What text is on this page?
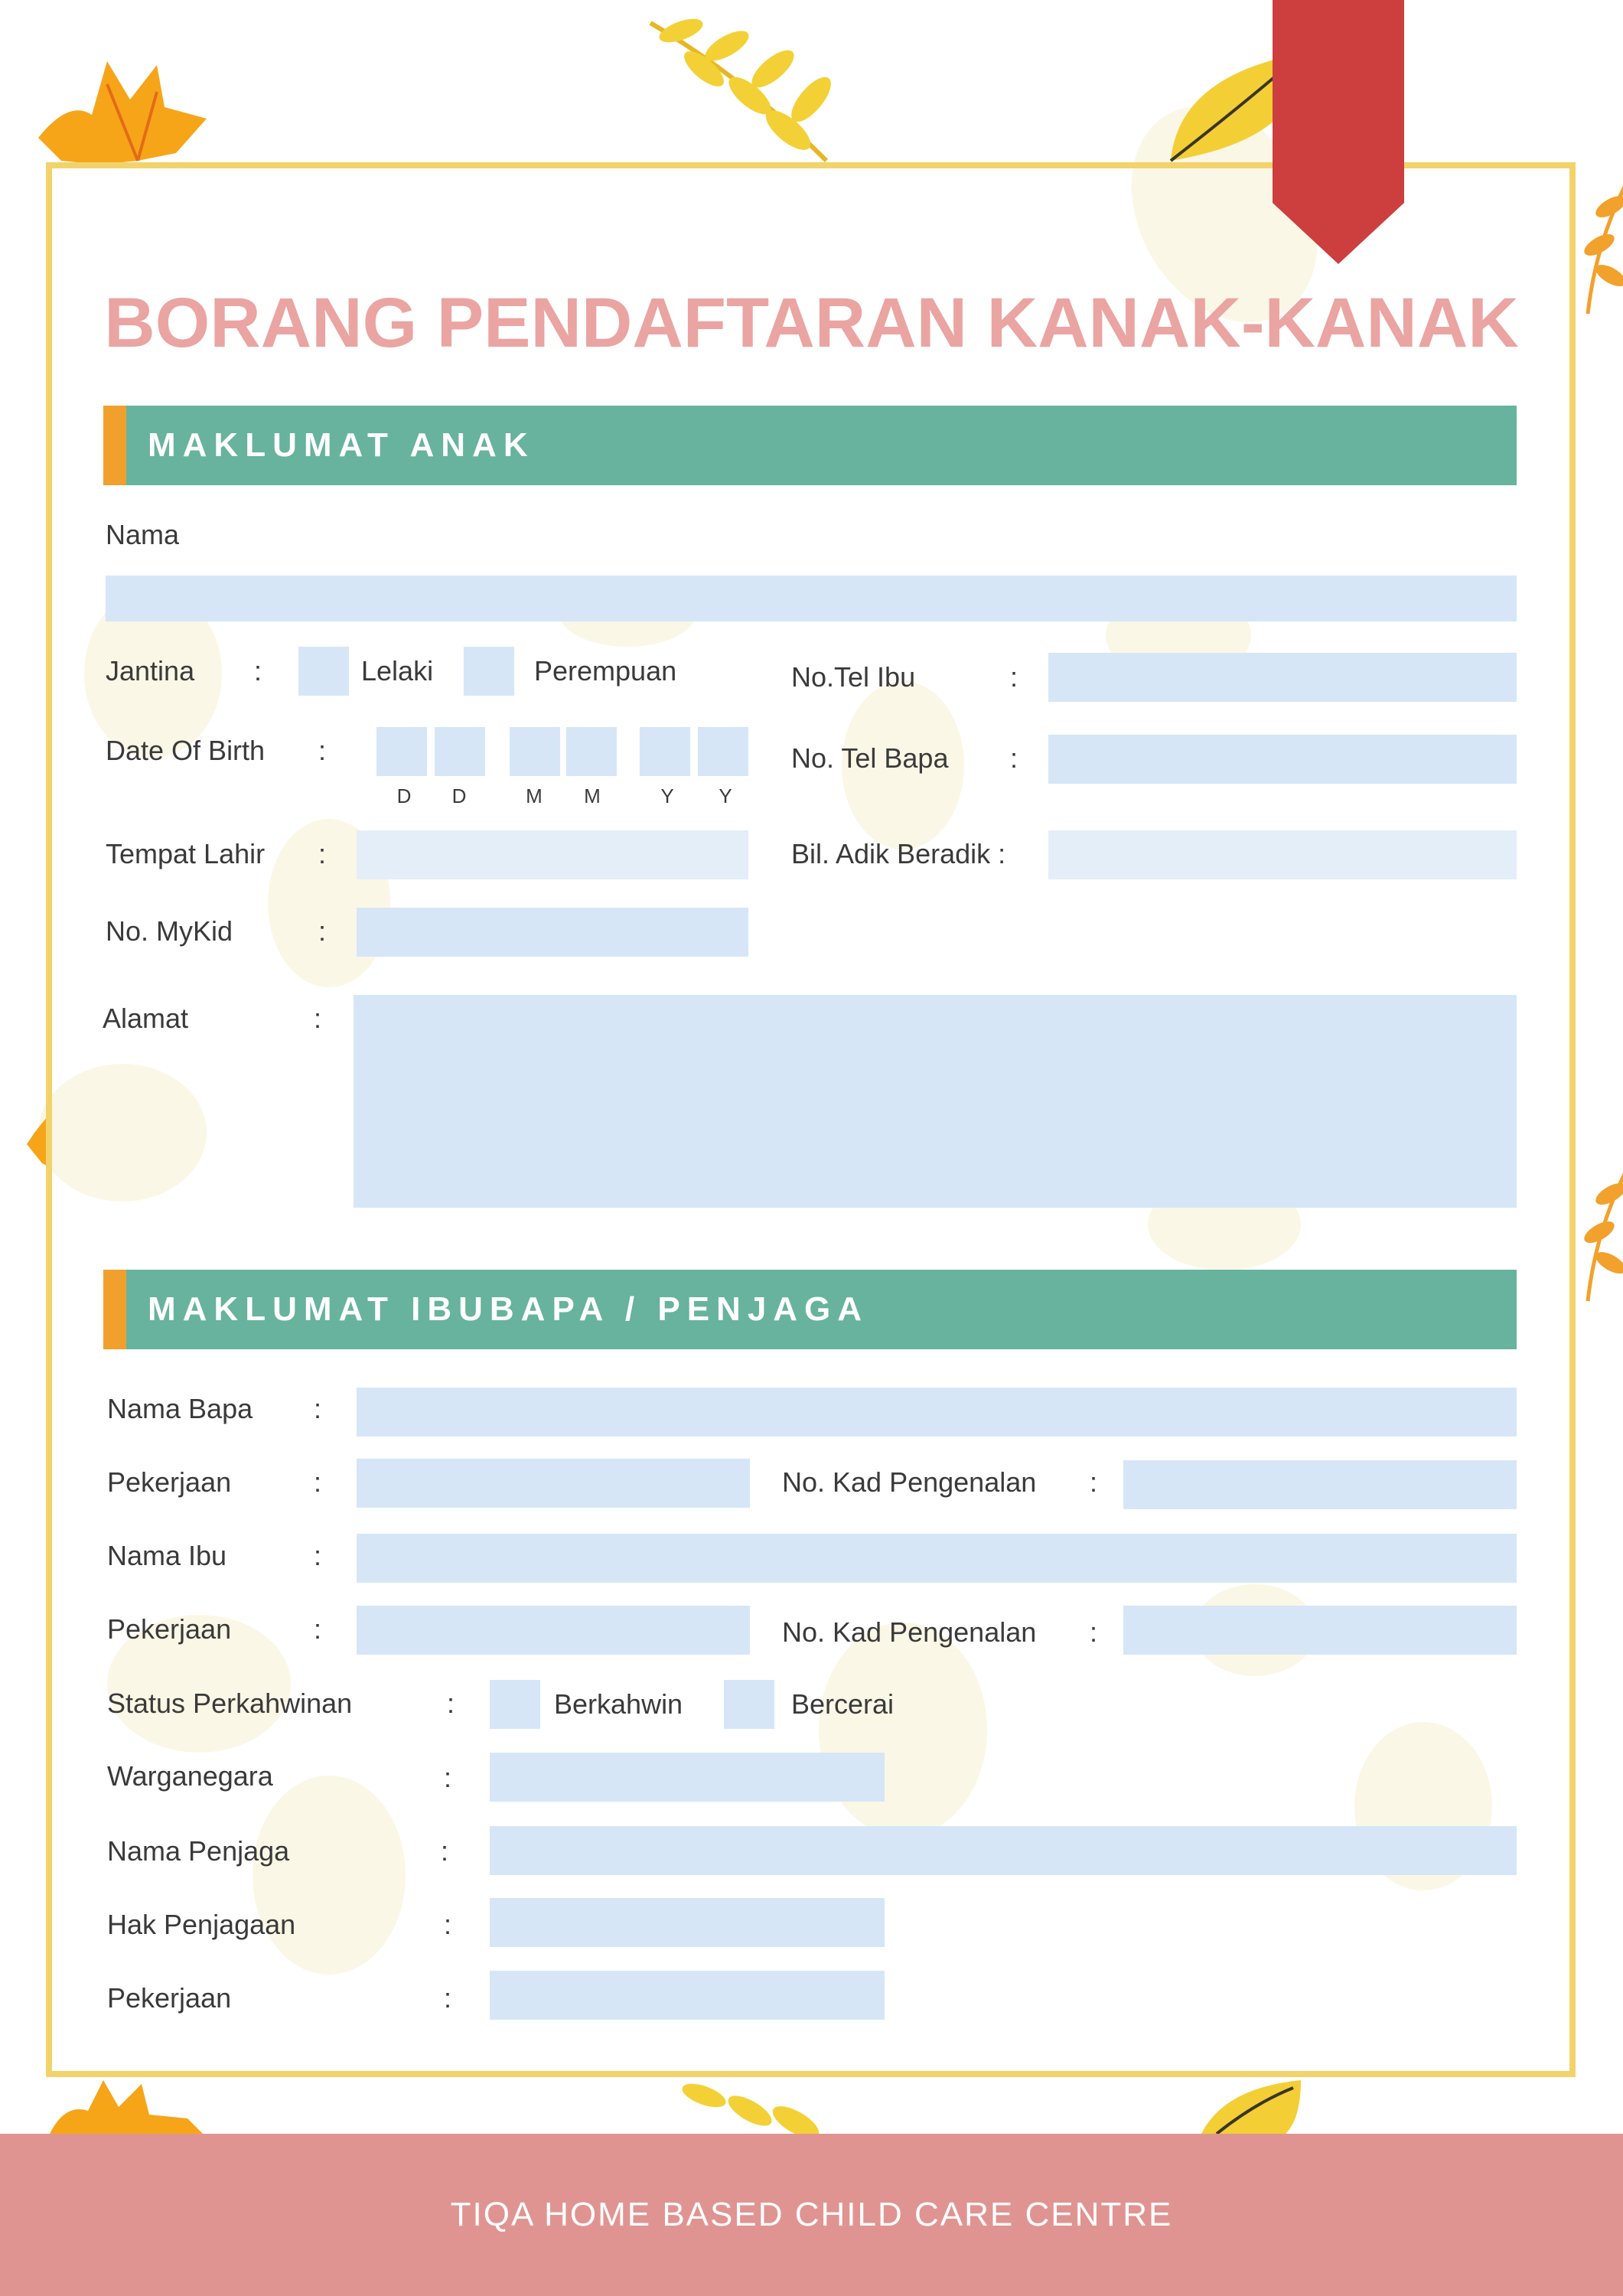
BORANG PENDAFTARAN KANAK-KANAK
MAKLUMAT ANAK
Nama
Jantina :	Lelaki	Perempuan	No.Tel Ibu	:
Date Of Birth :
D	D	M	M	Y	Y
No. Tel Bapa :
Tempat Lahir :	Bil. Adik Beradik :
No. MyKid	:
Alamat	:
MAKLUMAT IBUBAPA / PENJAGA
Nama Bapa :
Pekerjaan	:	No. Kad Pengenalan :
Nama Ibu	:
Pekerjaan	:	No. Kad Pengenalan :
Status Perkahwinan	:	Berkahwin	Bercerai
Warganegara	:
Nama Penjaga	:
Hak Penjagaan	:
Pekerjaan	:
TIQA HOME BASED CHILD CARE CENTRE
